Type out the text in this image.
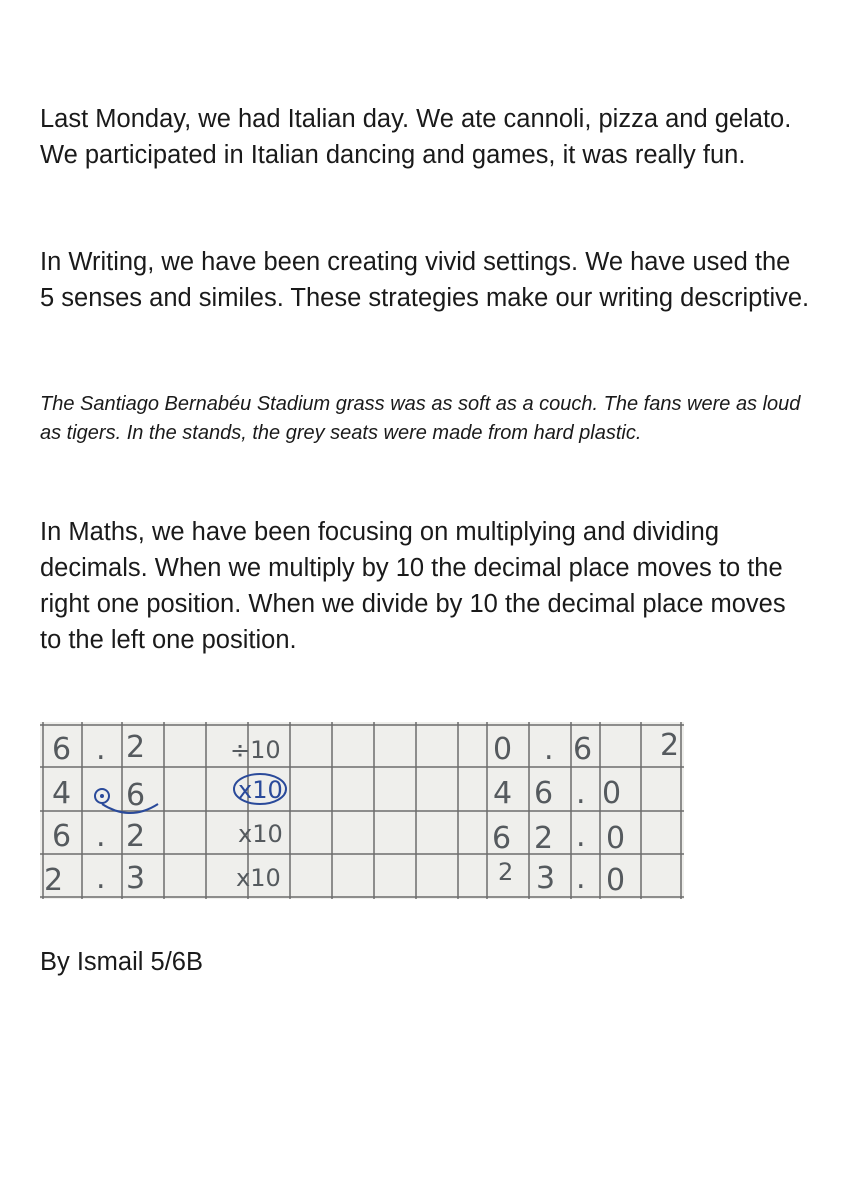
Last Monday, we had Italian day. We ate cannoli, pizza and gelato. We participated in Italian dancing and games, it was really fun.

In Writing, we have been creating vivid settings. We have used the 5 senses and similes. These strategies make our writing descriptive.

The Santiago Bernabéu Stadium grass was as soft as a couch. The fans were as loud as tigers. In the stands, the grey seats were made from hard plastic.

In Maths, we have been focusing on multiplying and dividing decimals. When we multiply by 10 the decimal place moves to the right one position. When we divide by 10 the decimal place moves to the left one position.

6 . 2	÷10	0 . 6 2
4 6	x10	4 6 . 0
6 . 2	x10	6 2 . 0
2 . 3	x10	2 3 . 0

By Ismail 5/6B
